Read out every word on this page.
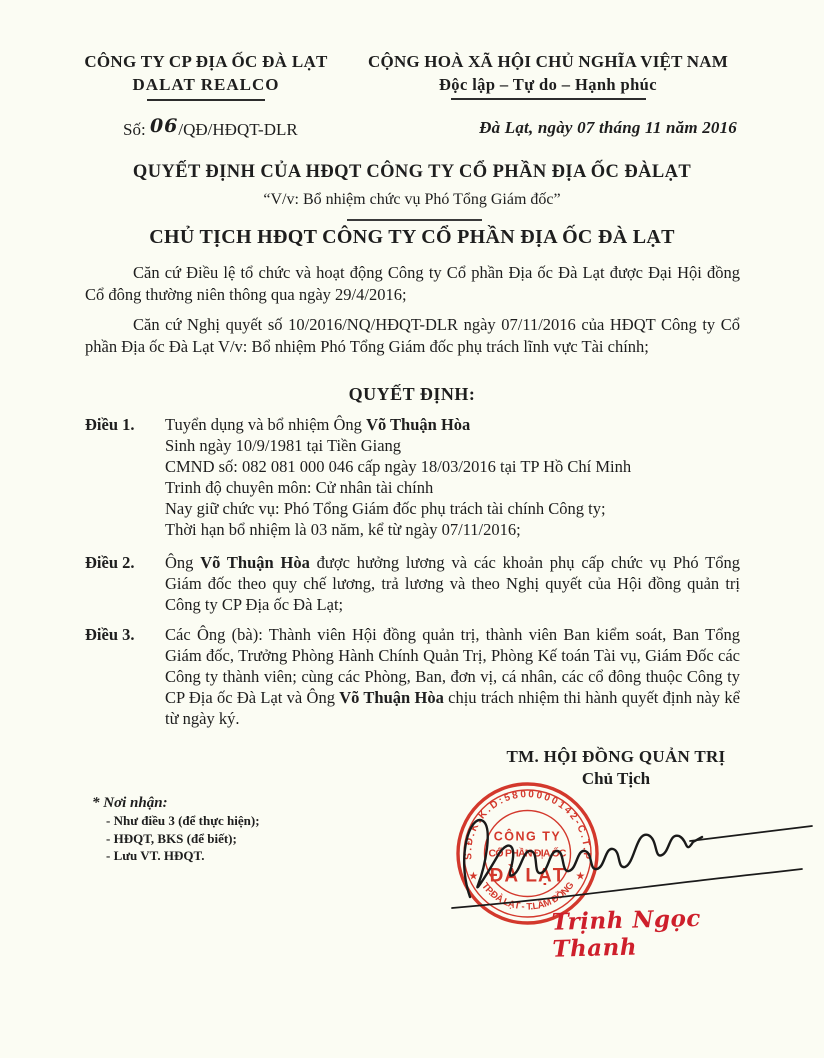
CÔNG TY CP ĐỊA ỐC ĐÀ LẠT
DALAT REALCO
CỘNG HOÀ XÃ HỘI CHỦ NGHĨA VIỆT NAM
Độc lập – Tự do – Hạnh phúc
Số: 06/QĐ/HĐQT-DLR	Đà Lạt, ngày 07 tháng 11 năm 2016
QUYẾT ĐỊNH CỦA HĐQT CÔNG TY CỔ PHẦN ĐỊA ỐC ĐÀLẠT
“V/v: Bổ nhiệm chức vụ Phó Tổng Giám đốc”
CHỦ TỊCH HĐQT CÔNG TY CỔ PHẦN ĐỊA ỐC ĐÀ LẠT
Căn cứ Điều lệ tổ chức và hoạt động Công ty Cổ phần Địa ốc Đà Lạt được Đại Hội đồng Cổ đông thường niên thông qua ngày 29/4/2016;
Căn cứ Nghị quyết số 10/2016/NQ/HĐQT-DLR ngày 07/11/2016 của HĐQT Công ty Cổ phần Địa ốc Đà Lạt V/v: Bổ nhiệm Phó Tổng Giám đốc phụ trách lĩnh vực Tài chính;
QUYẾT ĐỊNH:
Điều 1.	Tuyển dụng và bổ nhiệm Ông Võ Thuận Hòa
Sinh ngày 10/9/1981 tại Tiền Giang
CMND số: 082 081 000 046 cấp ngày 18/03/2016 tại TP Hồ Chí Minh
Trinh độ chuyên môn: Cử nhân tài chính
Nay giữ chức vụ: Phó Tổng Giám đốc phụ trách tài chính Công ty;
Thời hạn bổ nhiệm là 03 năm, kể từ ngày 07/11/2016;
Điều 2.	Ông Võ Thuận Hòa được hưởng lương và các khoản phụ cấp chức vụ Phó Tổng Giám đốc theo quy chế lương, trả lương và theo Nghị quyết của Hội đồng quản trị Công ty CP Địa ốc Đà Lạt;
Điều 3.	Các Ông (bà): Thành viên Hội đồng quản trị, thành viên Ban kiểm soát, Ban Tổng Giám đốc, Trưởng Phòng Hành Chính Quản Trị, Phòng Kế toán Tài vụ, Giám Đốc các Công ty thành viên; cùng các Phòng, Ban, đơn vị, cá nhân, các cổ đông thuộc Công ty CP Địa ốc Đà Lạt và Ông Võ Thuận Hòa chịu trách nhiệm thi hành quyết định này kể từ ngày ký.
TM. HỘI ĐỒNG QUẢN TRỊ
Chủ Tịch
* Nơi nhận:
- Như điều 3 (để thực hiện);
- HĐQT, BKS (để biết);
- Lưu VT. HĐQT.	S.Đ.K.K.D:5800000142-C.T.P
TP.ĐÀ LẠT - T.LÂM ĐỒNG
★	★
CÔNG TY
CỔ PHẦN ĐỊA ỐC
ĐÀ LẠT
Trịnh Ngọc Thanh
